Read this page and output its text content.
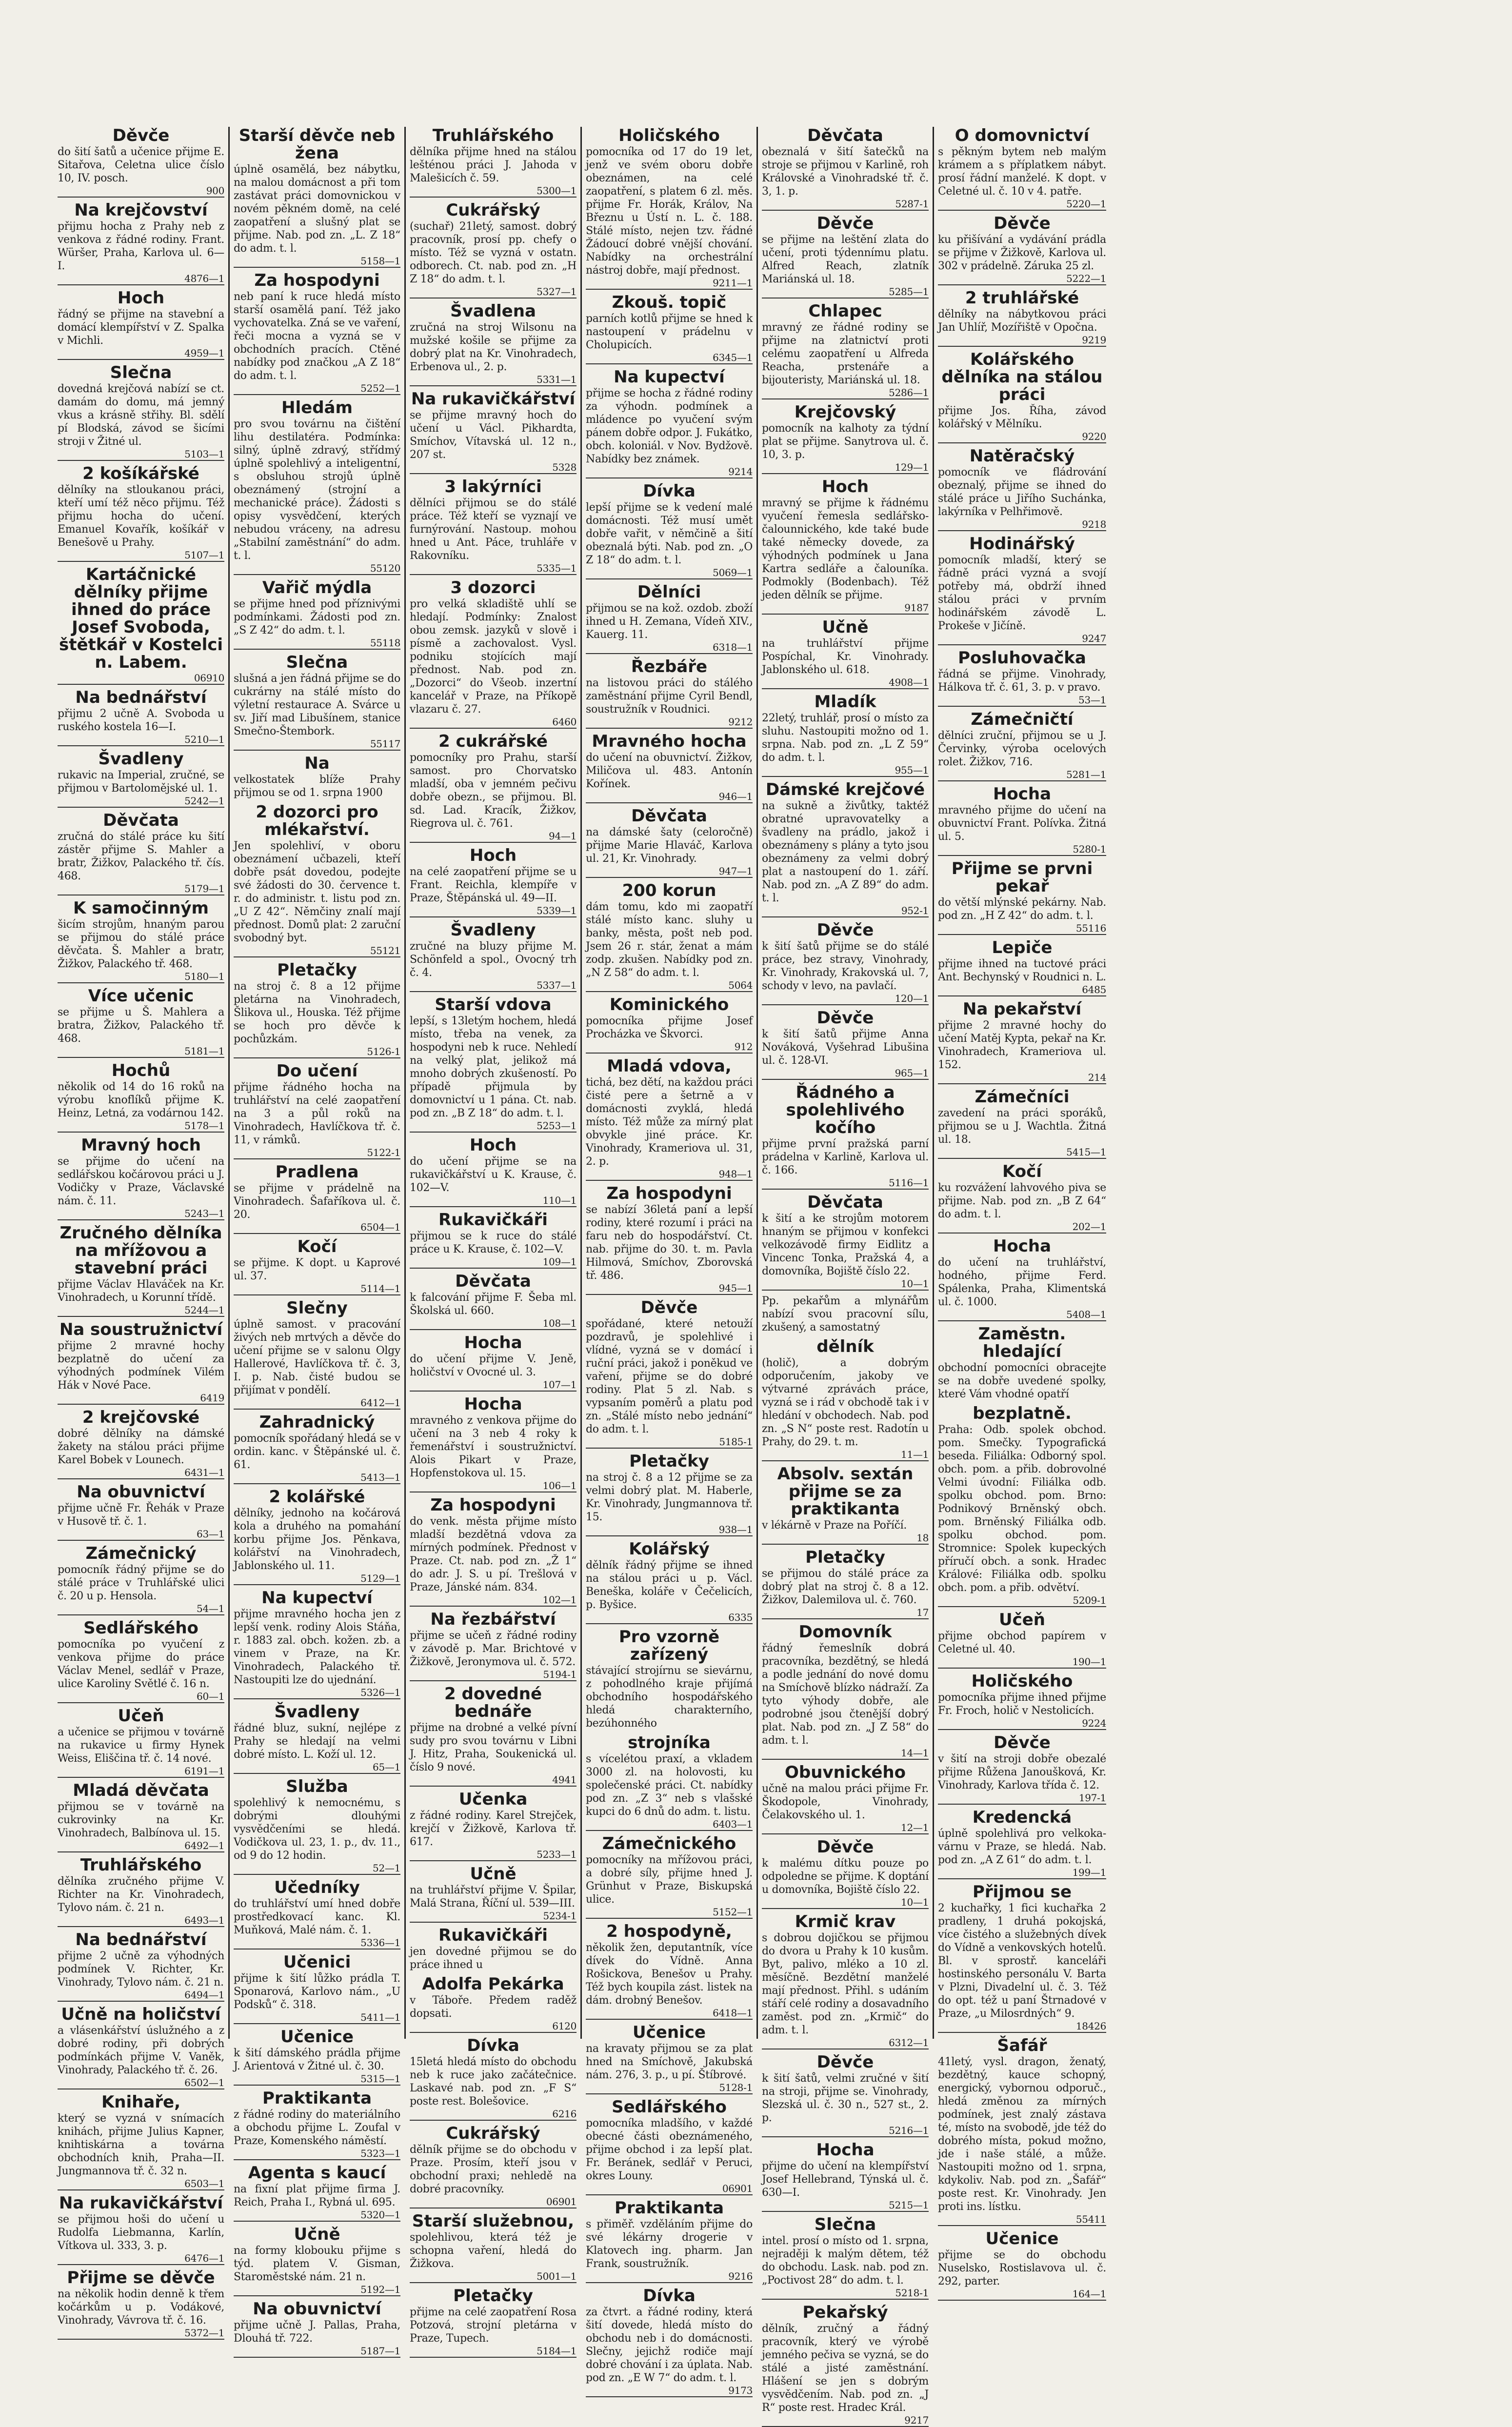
Děvče

do šití šatů a učenice přijme E. Sitařova, Celetna ulice číslo 10, IV. posch.

900

Na krejčovství

přijmu hocha z Prahy neb z venkova z řádné rodiny. Frant. Würšer, Praha, Karlova ul. 6—I.

4876—1

Hoch

řádný se přijme na stavební a domácí klempířství v Z. Spalka v Michli.

4959—1

Slečna

dovedná krejčová nabízí se ct. damám do domu, má jemný vkus a krásně střihy. Bl. sdělí pí Blodská, závod se šicími stroji v Žitné ul.

5103—1

2 košíkářské

dělníky na stloukanou práci, kteří umí též něco přijmu. Též přijmu hocha do učení. Emanuel Kovařík, košíkář v Benešově u Prahy.

5107—1

Kartáčnické dělníky přijme ihned do práce Josef Svoboda, štětkář v Kostelci n. Labem.

06910

Na bednářství

přijmu 2 učně A. Svoboda u ruského kostela 16—I.

5210—1

Švadleny

rukavic na Imperial, zručné, se přijmou v Bartolomějské ul. 1.

5242—1

Děvčata

zručná do stálé práce ku šití zástěr přijme S. Mahler a bratr, Žižkov, Palackého tř. čís. 468.

5179—1

K samočinným

šicím strojům, hnaným parou se přijmou do stálé práce děvčata. Š. Mahler a bratr, Žižkov, Palackého tř. 468.

5180—1

Více učenic

se přijme u Š. Mahlera a bratra, Žižkov, Palackého tř. 468.

5181—1

Hochů

několik od 14 do 16 roků na výrobu knoflíků přijme K. Heinz, Letná, za vodárnou 142.

5178—1

Mravný hoch

se přijme do učení na sedlářskou kočárovou práci u J. Vodičky v Praze, Václavské nám. č. 11.

5243—1

Zručného dělníka na mřížovou a stavební práci

přijme Václav Hlaváček na Kr. Vinohradech, u Korunní třídě.

5244—1

Na soustružnictví

přijme 2 mravné hochy bezplatně do učení za výhodných podmínek Vilém Hák v Nové Pace.

6419

2 krejčovské

dobré dělníky na dámské žakety na stálou práci přijme Karel Bobek v Lounech.

6431—1

Na obuvnictví

přijme učně Fr. Řehák v Praze v Husově tř. č. 1.

63—1

Zámečnický

pomocník řádný přijme se do stálé práce v Truhlářské ulici č. 20 u p. Hensola.

54—1

Sedlářského

pomocníka po vyučení z venkova přijme do práce Václav Menel, sedlář v Praze, ulice Karoliny Světlé č. 16 n.

60—1

Učeň

a učenice se přijmou v továrně na rukavice u firmy Hynek Weiss, Eliščina tř. č. 14 nové.

6191—1

Mladá děvčata

přijmou se v továrně na cukrovinky na Kr. Vinohradech, Balbínova ul. 15.

6492—1

Truhlářského

dělníka zručného přijme V. Richter na Kr. Vinohradech, Tylovo nám. č. 21 n.

6493—1

Na bednářství

přijme 2 učně za výhodných podmínek V. Richter, Kr. Vinohrady, Tylovo nám. č. 21 n.

6494—1

Učně na holičství

a vlásenkářství úslužného a z dobré rodiny, při dobrých podmínkách přijme V. Vaněk, Vinohrady, Palackého tř. č. 26.

6502—1

Knihaře,

který se vyzná v snímacích knihách, přijme Julius Kapner, knihtiskárna a továrna obchodních knih, Praha—II. Jungmannova tř. č. 32 n.

6503—1

Na rukavičkářství

se přijmou hoši do učení u Rudolfa Liebmanna, Karlín, Vítkova ul. 333, 3. p.

6476—1

Přijme se děvče

na několik hodin denně k třem kočárkům u p. Vodákové, Vinohrady, Vávrova tř. č. 16.

5372—1

Starší děvče neb žena

úplně osamělá, bez nábytku, na malou domácnost a při tom zastávat práci domovnickou v novém pěkném domě, na celé zaopatření a slušný plat se přijme. Nab. pod zn. „L. Z 18“ do adm. t. l.

5158—1

Za hospodyni

neb paní k ruce hledá místo starší osamělá paní. Též jako vychovatelka. Zná se ve vaření, řeči mocna a vyzná se v obchodních pracích. Ctěné nabídky pod značkou „A Z 18“ do adm. t. l.

5252—1

Hledám

pro svou továrnu na čištění lihu destilatéra. Podmínka: silný, úplně zdravý, střídmý úplně spolehlivý a inteligentní, s obsluhou strojů úplně obeznámený (strojní a mechanické práce). Žádosti s opisy vysvědčení, kterých nebudou vráceny, na adresu „Stabilní zaměstnání“ do adm. t. l.

55120

Vařič mýdla

se přijme hned pod příznivými podmínkami. Žádosti pod zn. „S Z 42“ do adm. t. l.

55118

Slečna

slušná a jen řádná přijme se do cukrárny na stálé místo do výletní restaurace A. Svárce u sv. Jiří mad Libušínem, stanice Smečno-Štembork.

55117

Na

velkostatek blíže Prahy přijmou se od 1. srpna 1900

2 dozorci pro mlékařství.

Jen spolehliví, v oboru obeznámení učbazeli, kteří dobře psát dovedou, podejte své žádosti do 30. července t. r. do administr. t. listu pod zn. „U Z 42“. Němčiny znalí mají přednost. Domů plat: 2 zaruční svobodný byt.

55121

Pletačky

na stroj č. 8 a 12 přijme pletárna na Vinohradech, Šlikova ul., Houska. Též přijme se hoch pro děvče k pochůzkám.

5126-1

Do učení

přijme řádného hocha na truhlářství na celé zaopatření na 3 a půl roků na Vinohradech, Havlíčkova tř. č. 11, v rámků.

5122-1

Pradlena

se přijme v prádelně na Vinohradech. Šafaříkova ul. č. 20.

6504—1

Kočí

se přijme. K dopt. u Kaprové ul. 37.

5114—1

Slečny

úplně samost. v pracování živých neb mrtvých a děvče do učení přijme se v salonu Olgy Hallerové, Havlíčkova tř. č. 3, I. p. Nab. čisté budou se přijímat v pondělí.

6412—1

Zahradnický

pomocník spořádaný hledá se v ordin. kanc. v Štěpánské ul. č. 61.

5413—1

2 kolářské

dělníky, jednoho na kočárová kola a druhého na pomahání korbu přijme Jos. Pěnkava, kolářství na Vinohradech, Jablonského ul. 11.

5129—1

Na kupectví

přijme mravného hocha jen z lepší venk. rodiny Alois Stáňa, r. 1883 zal. obch. kožen. zb. a vinem v Praze, na Kr. Vinohradech, Palackého tř. Nastoupiti lze do ujednání.

5326—1

Švadleny

řádné bluz, sukní, nejlépe z Prahy se hledají na velmi dobré místo. L. Koží ul. 12.

65—1

Služba

spolehlivý k nemocnému, s dobrými dlouhými vysvědčeními se hledá. Vodičkova ul. 23, 1. p., dv. 11., od 9 do 12 hodin.

52—1

Učedníky

do truhlářství umí hned dobře prostředkovací kanc. Kl. Muňková, Malé nám. č. 1.

5336—1

Učenici

přijme k šití lůžko prádla T. Sponarová, Karlovo nám., „U Podsků“ č. 318.

5411—1

Učenice

k šití dámského prádla přijme J. Arientová v Žitné ul. č. 30.

5315—1

Praktikanta

z řádné rodiny do materiálního a obchodu přijme L. Zoufal v Praze, Komenského náměstí.

5323—1

Agenta s kaucí

na fixní plat přijme firma J. Reich, Praha I., Rybná ul. 695.

5320—1

Učně

na formy klobouku přijme s týd. platem V. Gisman, Staroměstské nám. 21 n.

5192—1

Na obuvnictví

přijme učně J. Pallas, Praha, Dlouhá tř. 722.

5187—1

Truhlářského

dělníka přijme hned na stálou lešténou práci J. Jahoda v Malešicích č. 59.

5300—1

Cukrářský

(suchař) 21letý, samost. dobrý pracovník, prosí pp. chefy o místo. Též se vyzná v ostatn. odborech. Ct. nab. pod zn. „H Z 18“ do adm. t. l.

5327—1

Švadlena

zručná na stroj Wilsonu na mužské košile se přijme za dobrý plat na Kr. Vinohradech, Erbenova ul., 2. p.

5331—1

Na rukavičkářství

se přijme mravný hoch do učení u Václ. Pikhardta, Smíchov, Vítavská ul. 12 n., 207 st.

5328

3 lakýrníci

dělníci přijmou se do stálé práce. Též kteří se vyznají ve furnýrování. Nastoup. mohou hned u Ant. Páce, truhláře v Rakovníku.

5335—1

3 dozorci

pro velká skladiště uhlí se hledají. Podmínky: Znalost obou zemsk. jazyků v slově i písmě a zachovalost. Vysl. podniku stojících mají přednost. Nab. pod zn. „Dozorci“ do Všeob. inzertní kancelář v Praze, na Příkopě vlazaru č. 27.

6460

2 cukrářské

pomocníky pro Prahu, starší samost. pro Chorvatsko mladší, oba v jemném pečivu dobře obezn., se přijmou. Bl. sd. Lad. Kracík, Žižkov, Riegrova ul. č. 761.

94—1

Hoch

na celé zaopatření přijme se u Frant. Reichla, klempíře v Praze, Štěpánská ul. 49—II.

5339—1

Švadleny

zručné na bluzy přijme M. Schönfeld a spol., Ovocný trh č. 4.

5337—1

Starší vdova

lepší, s 13letým hochem, hledá místo, třeba na venek, za hospodyni neb k ruce. Nehledí na velký plat, jelikož má mnoho dobrých zkušeností. Po případě přijmula by domovnictví u 1 pána. Ct. nab. pod zn. „B Z 18“ do adm. t. l.

5253—1

Hoch

do učení přijme se na rukavičkářství u K. Krause, č. 102—V.

110—1

Rukavičkáři

přijmou se k ruce do stálé práce u K. Krause, č. 102—V.

109—1

Děvčata

k falcování přijme F. Šeba ml. Školská ul. 660.

108—1

Hocha

do učení přijme V. Jeně, holičství v Ovocné ul. 3.

107—1

Hocha

mravného z venkova přijme do učení na 3 neb 4 roky k řemenářství i soustružnictví. Alois Pikart v Praze, Hopfenstokova ul. 15.

106—1

Za hospodyni

do venk. města přijme místo mladší bezdětná vdova za mírných podmínek. Přednost v Praze. Ct. nab. pod zn. „Ž 1“ do adr. J. S. u pí. Trešlová v Praze, Jánské nám. 834.

102—1

Na řezbářství

přijme se učeň z řádné rodiny v závodě p. Mar. Brichtové v Žižkově, Jeronymova ul. č. 572.

5194-1

2 dovedné bednáře

přijme na drobné a velké pívní sudy pro svou továrnu v Libni J. Hitz, Praha, Soukenická ul. číslo 9 nové.

4941

Učenka

z řádné rodiny. Karel Strejček, krejčí v Žižkově, Karlova tř. 617.

5233—1

Učně

na truhlářství přijme V. Špilar, Malá Strana, Říční ul. 539—III.

5234-1

Rukavičkáři

jen dovedné přijmou se do práce ihned u

Adolfa Pekárka

v Táboře. Předem raděž dopsati.

6120

Dívka

15letá hledá místo do obchodu neb k ruce jako začátečnice. Laskavé nab. pod zn. „F S“ poste rest. Bolešovice.

6216

Cukrářský

dělník přijme se do obchodu v Praze. Prosím, kteří jsou v obchodní praxi; nehledě na dobré pracovníky.

06901

Starší služebnou,

spolehlivou, která též je schopna vaření, hledá do Žižkova.

5001—1

Pletačky

přijme na celé zaopatření Rosa Potzová, strojní pletárna v Praze, Tupech.

5184—1

Holičského

pomocníka od 17 do 19 let, jenž ve svém oboru dobře obeznámen, na celé zaopatření, s platem 6 zl. měs. přijme Fr. Horák, Králov, Na Březnu u Ústí n. L. č. 188. Stálé místo, nejen tzv. řádné Žádoucí dobré vnější chování. Nabídky na orchestrální nástroj dobře, mají přednost.

9211—1

Zkouš. topič

parních kotlů přijme se hned k nastoupení v prádelnu v Cholupicích.

6345—1

Na kupectví

přijme se hocha z řádné rodiny za výhodn. podmínek a mládence po vyučení svým pánem dobře odpor. J. Fukátko, obch. koloniál. v Nov. Bydžově. Nabídky bez známek.

9214

Dívka

lepší přijme se k vedení malé domácnosti. Též musí umět dobře vařit, v němčině a šití obeznalá býti. Nab. pod zn. „O Z 18“ do adm. t. l.

5069—1

Dělníci

přijmou se na kož. ozdob. zboží ihned u H. Zemana, Vídeň XIV., Kauerg. 11.

6318—1

Řezbáře

na listovou práci do stálého zaměstnání přijme Cyril Bendl, soustružník v Roudnici.

9212

Mravného hocha

do učení na obuvnictví. Žižkov, Miličova ul. 483. Antonín Kořínek.

946—1

Děvčata

na dámské šaty (celoročně) přijme Marie Hlaváč, Karlova ul. 21, Kr. Vinohrady.

947—1

200 korun

dám tomu, kdo mi zaopatří stálé místo kanc. sluhy u banky, města, pošt neb pod. Jsem 26 r. stár, ženat a mám zodp. zkušen. Nabídky pod zn. „N Z 58“ do adm. t. l.

5064

Kominického

pomocníka přijme Josef Procházka ve Škvorci.

912

Mladá vdova,

tichá, bez dětí, na každou práci čisté pere a šetrně a v domácnosti zvyklá, hledá místo. Též může za mírný plat obvykle jiné práce. Kr. Vinohrady, Krameriova ul. 31, 2. p.

948—1

Za hospodyni

se nabízí 36letá paní a lepší rodiny, které rozumí i práci na faru neb do hospodářství. Ct. nab. přijme do 30. t. m. Pavla Hilmová, Smíchov, Zborovská tř. 486.

945—1

Děvče

spořádané, které netouží pozdravů, je spolehlivé i vlídné, vyzná se v domácí i ruční práci, jakož i poněkud ve vaření, přijme se do dobré rodiny. Plat 5 zl. Nab. s vypsaním poměrů a platu pod zn. „Stálé místo nebo jednání“ do adm. t. l.

5185-1

Pletačky

na stroj č. 8 a 12 přijme se za velmi dobrý plat. M. Haberle, Kr. Vinohrady, Jungmannova tř. 15.

938—1

Kolářský

dělník řádný přijme se ihned na stálou práci u p. Václ. Beneška, koláře v Čečelicích, p. Byšice.

6335

Pro vzorně zařízený

stávající strojírnu se sievárnu, z pohodlného kraje přijímá obchodního hospodářského hledá charakterního, bezúhonného

strojníka

s vícelétou praxí, a vkladem 3000 zl. na holovosti, ku společenské práci. Ct. nabídky pod zn. „Z 3“ neb s vlašské kupci do 6 dnů do adm. t. listu.

6403—1

Zámečnického

pomocníky na mřížovou práci, a dobré síly, přijme hned J. Grünhut v Praze, Biskupská ulice.

5152—1

2 hospodyně,

několik žen, deputantník, více dívek do Vídně. Anna Rošickova, Benešov u Prahy. Též bych koupila zást. listek na dám. drobný Benešov.

6418—1

Učenice

na kravaty přijmou se za plat hned na Smíchově, Jakubská nám. 276, 3. p., u pí. Štíbrové.

5128-1

Sedlářského

pomocníka mladšího, v každé obecné části obeznámeného, přijme obchod i za lepší plat. Fr. Beránek, sedlář v Peruci, okres Louny.

06901

Praktikanta

s přiměř. vzděláním přijme do své lékárny drogerie v Klatovech ing. pharm. Jan Frank, soustružník.

9216

Dívka

za čtvrt. a řádné rodiny, která šití dovede, hledá místo do obchodu neb i do domácnosti. Slečny, jejichž rodiče mají dobré chování i za úplata. Nab. pod zn. „E W 7“ do adm. t. l.

9173

Děvčata

obeznalá v šití šatečků na stroje se přijmou v Karlině, roh Královské a Vinohradské tř. č. 3, 1. p.

5287-1

Děvče

se přijme na leštění zlata do učení, proti týdennímu platu. Alfred Reach, zlatník Mariánská ul. 18.

5285—1

Chlapec

mravný ze řádné rodiny se přijme na zlatnictví proti celému zaopatření u Alfreda Reacha, prstenáře a bijouteristy, Mariánská ul. 18.

5286—1

Krejčovský

pomocník na kalhoty za týdní plat se přijme. Sanytrova ul. č. 10, 3. p.

129—1

Hoch

mravný se přijme k řádnému vyučení řemesla sedlářsko-čalounnického, kde také bude také německy dovede, za výhodných podmínek u Jana Kartra sedláře a čalouníka. Podmokly (Bodenbach). Též jeden dělník se přijme.

9187

Učně

na truhlářství přijme Pospíchal, Kr. Vinohrady. Jablonského ul. 618.

4908—1

Mladík

22letý, truhlář, prosí o místo za sluhu. Nastoupiti možno od 1. srpna. Nab. pod zn. „L Z 59“ do adm. t. l.

955—1

Dámské krejčové

na sukně a živůtky, taktéž obratné upravovatelky a švadleny na prádlo, jakož i obeznámeny s plány a tyto jsou obeznámeny za velmi dobrý plat a nastoupení do 1. září. Nab. pod zn. „A Z 89“ do adm. t. l.

952-1

Děvče

k šití šatů přijme se do stálé práce, bez stravy, Vinohrady, Kr. Vinohrady, Krakovská ul. 7, schody v levo, na pavlačí.

120—1

Děvče

k šití šatů přijme Anna Nováková, Vyšehrad Libušina ul. č. 128-VI.

965—1

Řádného a spolehlivého kočího

přijme první pražská parní prádelna v Karlině, Karlova ul. č. 166.

5116—1

Děvčata

k šití a ke strojům motorem hnaným se přijmou v konfekci velkozávodě firmy Eidlitz a Vincenc Tonka, Pražská 4, a domovníka, Bojiště číslo 22.

10—1

Pp. pekařům a mlynářům nabízí svou pracovní sílu, zkušený, a samostatný

dělník

(holič), a dobrým odporučením, jakoby ve výtvarné zprávách práce, vyzná se i rád v obchodě tak i v hledání v obchodech. Nab. pod zn. „S N“ poste rest. Radotín u Prahy, do 29. t. m.

11—1

Absolv. sextán přijme se za praktikanta

v lékárně v Praze na Poříčí.

18

Pletačky

se přijmou do stálé práce za dobrý plat na stroj č. 8 a 12. Žižkov, Dalemilova ul. č. 760.

17

Domovník

řádný řemeslník dobrá pracovníka, bezdětný, se hledá a podle jednání do nové domu na Smíchově blízko nádraží. Za tyto výhody dobře, ale podrobné jsou čtenější dobrý plat. Nab. pod zn. „J Z 58“ do adm. t. l.

14—1

Obuvnického

učně na malou práci přijme Fr. Škodopole, Vinohrady, Čelakovského ul. 1.

12—1

Děvče

k malému dítku pouze po odpoledne se přijme. K doptání u domovníka, Bojiště číslo 22.

10—1

Krmič krav

s dobrou dojičkou se přijmou do dvora u Prahy k 10 kusům. Byt, palivo, mléko a 10 zl. měsíčně. Bezdětní manželé mají přednost. Přihl. s udáním stáří celé rodiny a dosavadního zaměst. pod zn. „Krmič“ do adm. t. l.

6312—1

Děvče

k šití šatů, velmi zručné v šití na stroji, přijme se. Vinohrady, Slezská ul. č. 30 n., 527 st., 2. p.

5216—1

Hocha

přijme do učení na klempířství Josef Hellebrand, Týnská ul. č. 630—I.

5215—1

Slečna

intel. prosí o místo od 1. srpna, nejraději k malým dětem, též do obchodu. Lask. nab. pod zn. „Poctivost 28“ do adm. t. l.

5218-1

Pekařský

dělník, zručný a řádný pracovník, který ve výrobě jemného pečiva se vyzná, se do stálé a jisté zaměstnání. Hlášení se jen s dobrým vysvědčením. Nab. pod zn. „J R“ poste rest. Hradec Král.

9217

O domovnictví

s pěkným bytem neb malým krámem a s příplatkem nábyt. prosí řádní manželé. K dopt. v Celetné ul. č. 10 v 4. patře.

5220—1

Děvče

ku přišívání a vydávání prádla se přijme v Žižkově, Karlova ul. 302 v prádelně. Záruka 25 zl.

5222—1

2 truhlářské

dělníky na nábytkovou práci Jan Uhlíř, Mozířiště v Opočna.

9219

Kolářského dělníka na stálou práci

přijme Jos. Říha, závod kolářský v Mělníku.

9220

Natěračský

pomocník ve fládrování obeznalý, přijme se ihned do stálé práce u Jiřího Suchánka, lakýrníka v Pelhřimově.

9218

Hodinářský

pomocník mladší, který se řádně práci vyzná a svojí potřeby má, obdrží ihned stálou práci v prvním hodinářském závodě L. Prokeše v Jičíně.

9247

Posluhovačka

řádná se přijme. Vinohrady, Hálkova tř. č. 61, 3. p. v pravo.

53—1

Zámečničtí

dělníci zruční, přijmou se u J. Červinky, výroba ocelových rolet. Žižkov, 716.

5281—1

Hocha

mravného přijme do učení na obuvnictví Frant. Polívka. Žitná ul. 5.

5280-1

Přijme se prvni pekař

do větší mlýnské pekárny. Nab. pod zn. „H Z 42“ do adm. t. l.

55116

Lepiče

přijme ihned na tuctové práci Ant. Bechynský v Roudnici n. L.

6485

Na pekařství

přijme 2 mravné hochy do učení Matěj Kypta, pekař na Kr. Vinohradech, Krameriova ul. 152.

214

Zámečníci

zavedení na práci sporáků, přijmou se u J. Wachtla. Žitná ul. 18.

5415—1

Kočí

ku rozvážení lahvového piva se přijme. Nab. pod zn. „B Z 64“ do adm. t. l.

202—1

Hocha

do učení na truhlářství, hodného, přijme Ferd. Spálenka, Praha, Klimentská ul. č. 1000.

5408—1

Zaměstn. hledající

obchodní pomocníci obracejte se na dobře uvedené spolky, které Vám vhodné opatří

bezplatně.

Praha: Odb. spolek obchod. pom. Smečky. Typografická beseda. Filiálka: Odborný spol. obch. pom. a přib. dobrovolné Velmi úvodní: Filiálka odb. spolku obchod. pom. Brno: Podnikový Brněnský obch. pom. Brněnský Filiálka odb. spolku obchod. pom. Stromnice: Spolek kupeckých příručí obch. a sonk. Hradec Králové: Filiálka odb. spolku obch. pom. a přib. odvětví.

5209-1

Učeň

přijme obchod papírem v Celetné ul. 40.

190—1

Holičského

pomocníka přijme ihned přijme Fr. Froch, holič v Nestolicích.

9224

Děvče

v šití na stroji dobře obezalé přijme Růžena Janoušková, Kr. Vinohrady, Karlova třída č. 12.

197-1

Kredencká

úplně spolehlivá pro velkoka-várnu v Praze, se hledá. Nab. pod zn. „A Z 61“ do adm. t. l.

199—1

Přijmou se

2 kuchařky, 1 fici kuchařka 2 pradleny, 1 druhá pokojská, více čistého a služebných dívek do Vídně a venkovských hotelů. Bl. v sprostř. kanceláři hostinského personálu V. Barta v Plzni, Divadelní ul. č. 3. Též do opt. též u paní Štrnadové v Praze, „u Milosrdných“ 9.

18426

Šafář

41letý, vysl. dragon, ženatý, bezdětný, kauce schopný, energický, vybornou odporuč., hledá změnou za mírných podmínek, jest znalý zástava té, místo na svobodě, jde též do dobrého místa, pokud možno, jde i naše stálé, a může. Nastoupiti možno od 1. srpna, kdykoliv. Nab. pod zn. „Šafář“ poste rest. Kr. Vinohrady. Jen proti ins. lístku.

55411

Učenice

přijme se do obchodu Nuselsko, Rostislavova ul. č. 292, parter.

164—1
